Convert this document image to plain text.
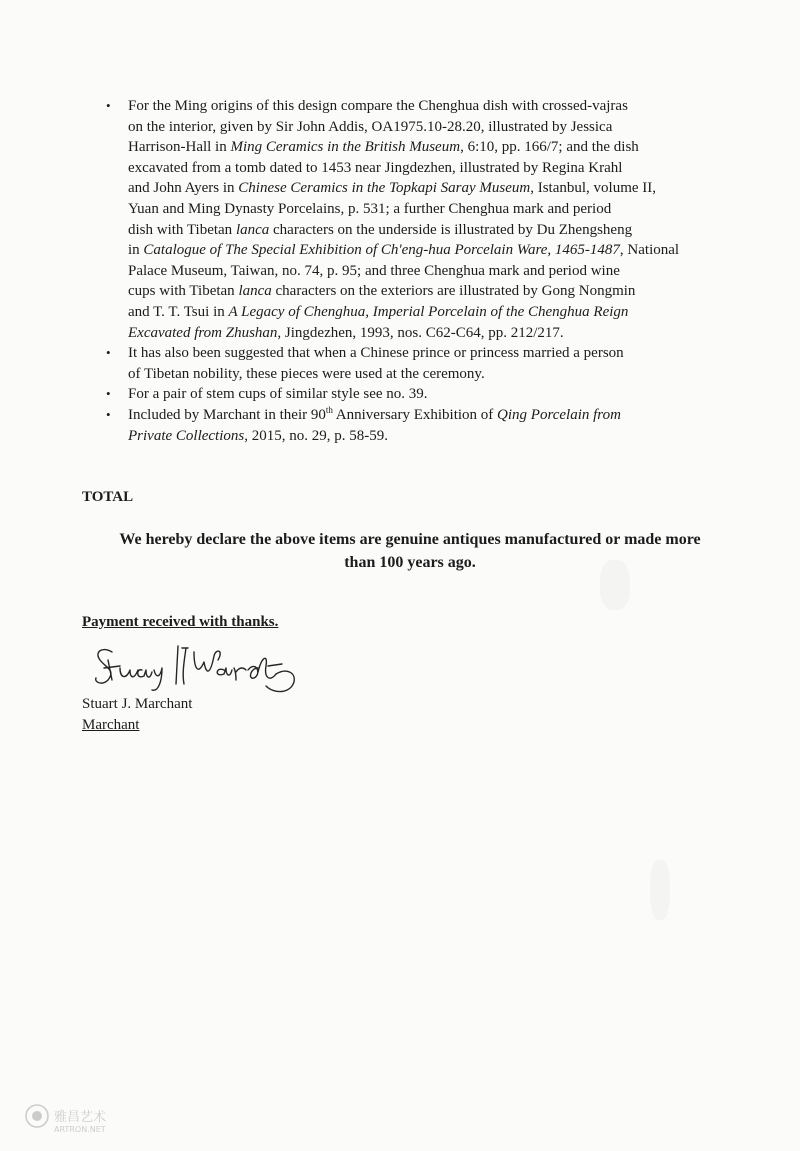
• For the Ming origins of this design compare the Chenghua dish with crossed-vajras
on the interior, given by Sir John Addis, OA1975.10-28.20, illustrated by Jessica
Harrison-Hall in Ming Ceramics in the British Museum, 6:10, pp. 166/7; and the dish
excavated from a tomb dated to 1453 near Jingdezhen, illustrated by Regina Krahl
and John Ayers in Chinese Ceramics in the Topkapi Saray Museum, Istanbul, volume II,
Yuan and Ming Dynasty Porcelains, p. 531; a further Chenghua mark and period
dish with Tibetan lanca characters on the underside is illustrated by Du Zhengsheng
in Catalogue of The Special Exhibition of Ch'eng-hua Porcelain Ware, 1465-1487, National
Palace Museum, Taiwan, no. 74, p. 95; and three Chenghua mark and period wine
cups with Tibetan lanca characters on the exteriors are illustrated by Gong Nongmin
and T. T. Tsui in A Legacy of Chenghua, Imperial Porcelain of the Chenghua Reign
Excavated from Zhushan, Jingdezhen, 1993, nos. C62-C64, pp. 212/217.
• It has also been suggested that when a Chinese prince or princess married a person
of Tibetan nobility, these pieces were used at the ceremony.
• For a pair of stem cups of similar style see no. 39.
• Included by Marchant in their 90th Anniversary Exhibition of Qing Porcelain from
Private Collections, 2015, no. 29, p. 58-59.
TOTAL
We hereby declare the above items are genuine antiques manufactured or made more
than 100 years ago.
Payment received with thanks.
Stuart J. Marchant
Marchant
雅昌艺术
ARTRON.NET
